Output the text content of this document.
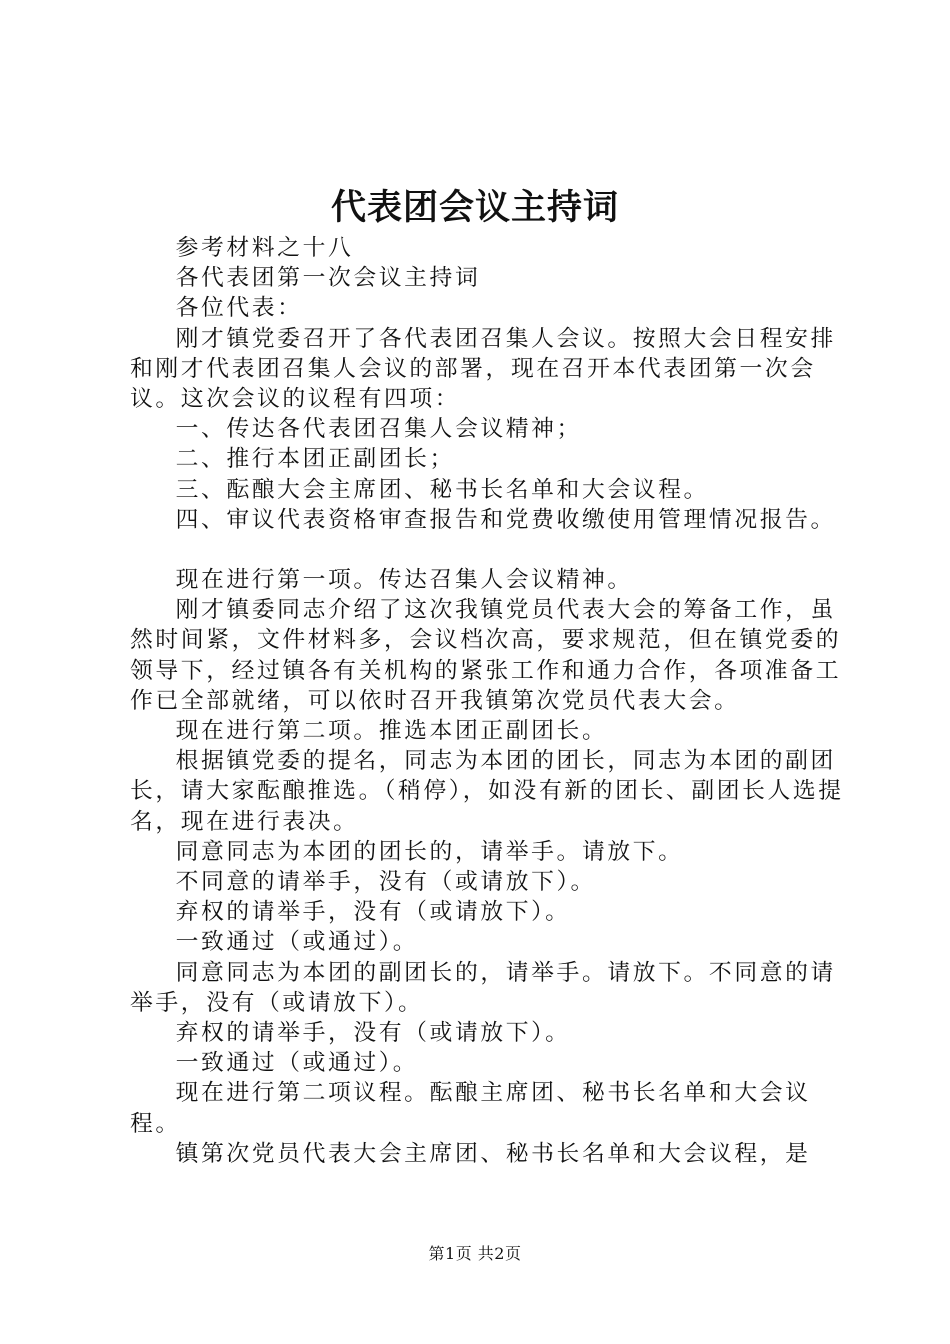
代表团会议主持词

参考材料之十八

各代表团第一次会议主持词

各位代表：

刚才镇党委召开了各代表团召集人会议。按照大会日程安排和刚才代表团召集人会议的部署，现在召开本代表团第一次会议。这次会议的议程有四项：

一、传达各代表团召集人会议精神；

二、推行本团正副团长；

三、酝酿大会主席团、秘书长名单和大会议程。

四、审议代表资格审查报告和党费收缴使用管理情况报告。

现在进行第一项。传达召集人会议精神。

刚才镇委同志介绍了这次我镇党员代表大会的筹备工作，虽然时间紧，文件材料多，会议档次高，要求规范，但在镇党委的领导下，经过镇各有关机构的紧张工作和通力合作，各项准备工作已全部就绪，可以依时召开我镇第次党员代表大会。

现在进行第二项。推选本团正副团长。

根据镇党委的提名，同志为本团的团长，同志为本团的副团长，请大家酝酿推选。（稍停），如没有新的团长、副团长人选提名，现在进行表决。

同意同志为本团的团长的，请举手。请放下。

不同意的请举手，没有（或请放下）。

弃权的请举手，没有（或请放下）。

一致通过（或通过）。

同意同志为本团的副团长的，请举手。请放下。不同意的请举手，没有（或请放下）。

弃权的请举手，没有（或请放下）。

一致通过（或通过）。

现在进行第二项议程。酝酿主席团、秘书长名单和大会议程。

镇第次党员代表大会主席团、秘书长名单和大会议程，是

第1页 共2页
